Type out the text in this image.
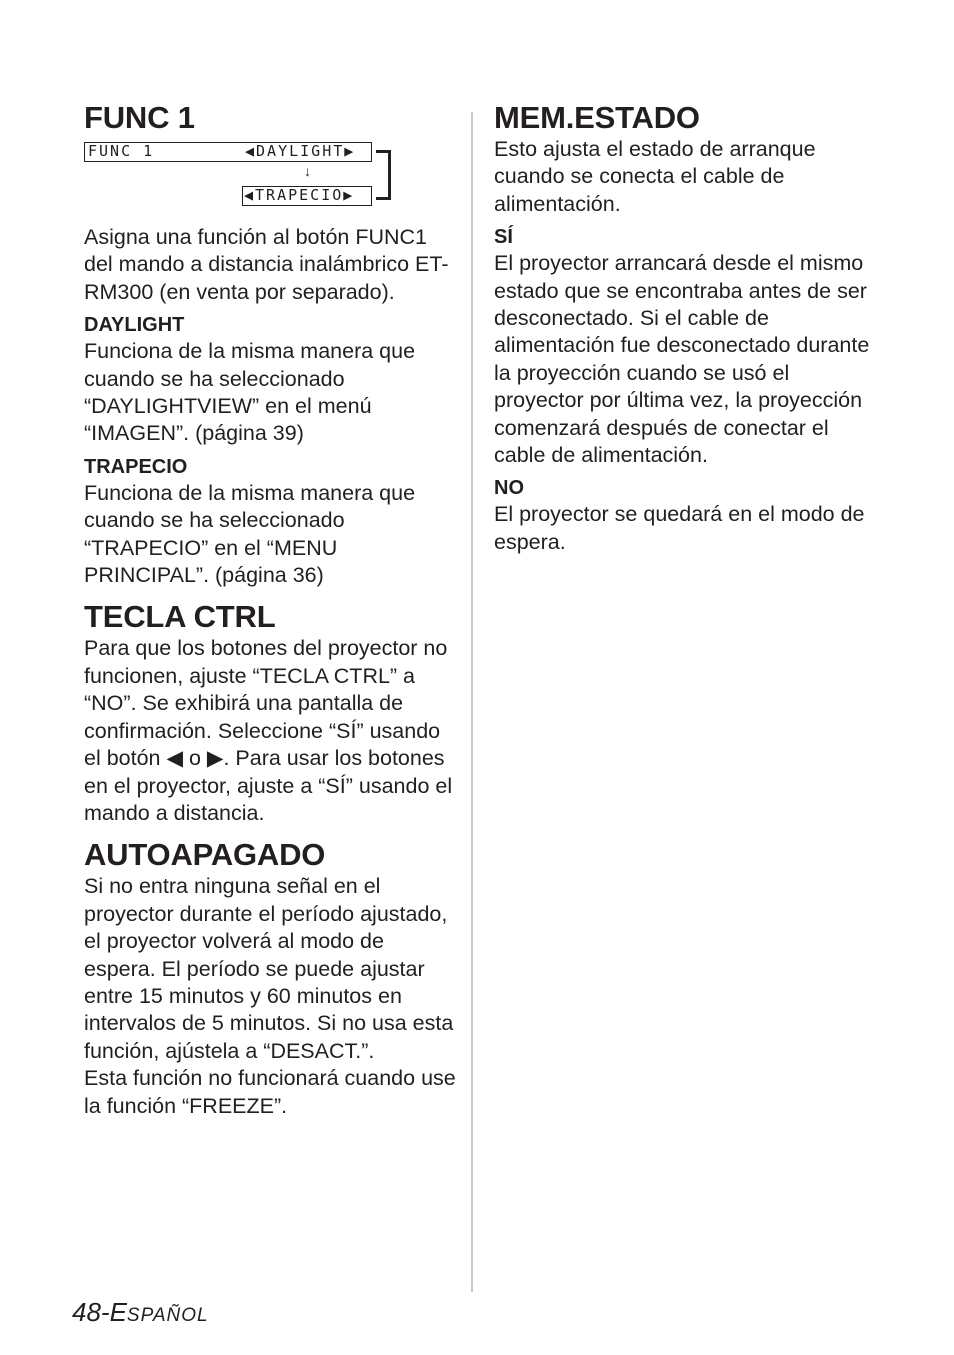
FUNC 1
FUNC 1	◀DAYLIGHT▶
↓
◀TRAPECIO▶

Asigna una función al botón FUNC1 del mando a distancia inalámbrico ET-RM300 (en venta por separado).

DAYLIGHT

Funciona de la misma manera que cuando se ha seleccionado “DAYLIGHTVIEW” en el menú “IMAGEN”. (página 39)

TRAPECIO

Funciona de la misma manera que cuando se ha seleccionado “TRAPECIO” en el “MENU PRINCIPAL”. (página 36)

TECLA CTRL

Para que los botones del proyector no funcionen, ajuste “TECLA CTRL” a “NO”. Se exhibirá una pantalla de confirmación. Seleccione “SÍ” usando el botón ◀ o ▶. Para usar los botones en el proyector, ajuste a “SÍ” usando el mando a distancia.

AUTOAPAGADO

Si no entra ninguna señal en el proyector durante el período ajustado, el proyector volverá al modo de espera. El período se puede ajustar entre 15 minutos y 60 minutos en intervalos de 5 minutos. Si no usa esta función, ajústela a “DESACT.”.

Esta función no funcionará cuando use la función “FREEZE”.

MEM.ESTADO

Esto ajusta el estado de arranque cuando se conecta el cable de alimentación.

SÍ

El proyector arrancará desde el mismo estado que se encontraba antes de ser desconectado. Si el cable de alimentación fue desconectado durante la proyección cuando se usó el proyector por última vez, la proyección comenzará después de conectar el cable de alimentación.

NO

El proyector se quedará en el modo de espera.

48-ESPAÑOL
